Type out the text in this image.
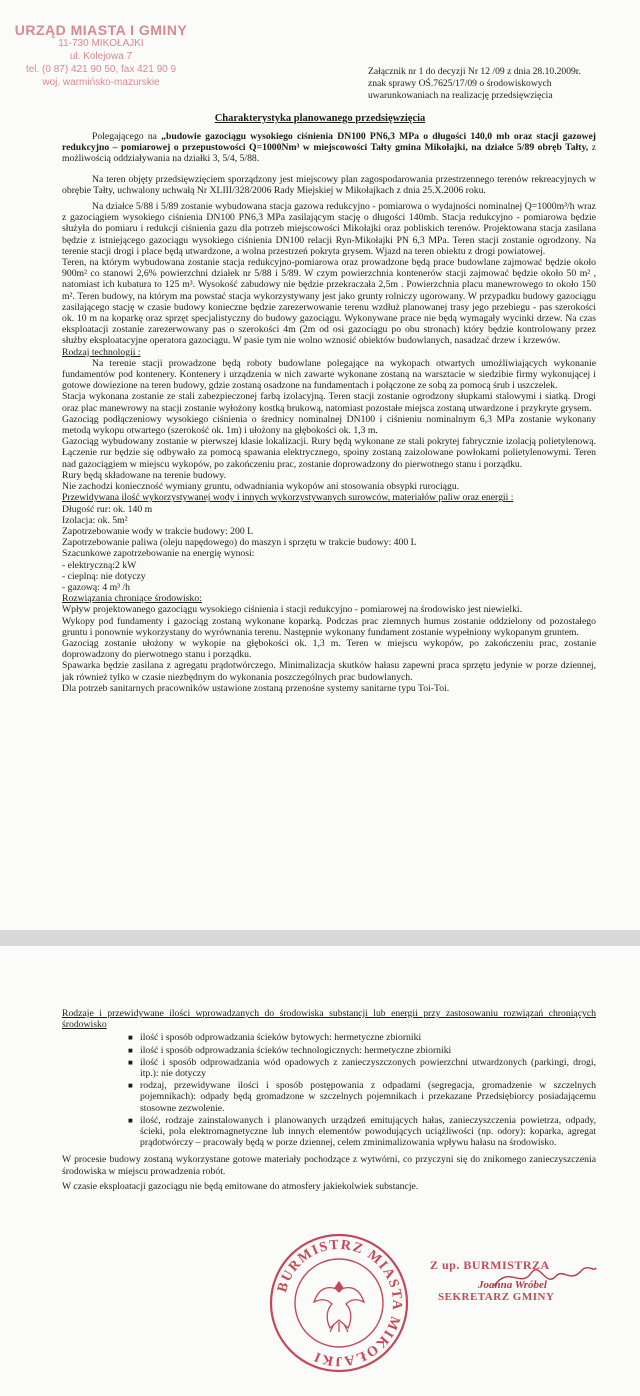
URZĄD MIASTA I GMINY
11-730 MIKOŁAJKI
ul. Kolejowa 7
tel. (0 87) 421 90 50, fax 421 90 9
woj. warmińsko-mazurskie
Załącznik nr 1 do decyzji Nr 12 /09 z dnia 28.10.2009r.
znak sprawy OŚ.7625/17/09 o środowiskowych
uwarunkowaniach na realizację przedsięwzięcia
Charakterystyka planowanego przedsięwzięcia

Polegającego na „budowie gazociągu wysokiego ciśnienia DN100 PN6,3 MPa o długości 140,0 mb oraz stacji gazowej redukcyjno – pomiarowej o przepustowości Q=1000Nm³ w miejscowości Tałty gmina Mikołajki, na działce 5/89 obręb Tałty, z możliwością oddziaływania na działki 3, 5/4, 5/88.

Na teren objęty przedsięwzięciem sporządzony jest miejscowy plan zagospodarowania przestrzennego terenów rekreacyjnych w obrębie Tałty, uchwalony uchwałą Nr XLIII/328/2006 Rady Miejskiej w Mikołajkach z dnia 25.X.2006 roku.

Na działce 5/88 i 5/89 zostanie wybudowana stacja gazowa redukcyjno - pomiarowa o wydajności nominalnej Q=1000m³/h wraz z gazociągiem wysokiego ciśnienia DN100 PN6,3 MPa zasilającym stację o długości 140mb. Stacja redukcyjno - pomiarowa będzie służyła do pomiaru i redukcji ciśnienia gazu dla potrzeb miejscowości Mikołajki oraz pobliskich terenów. Projektowana stacja zasilana będzie z istniejącego gazociągu wysokiego ciśnienia DN100 relacji Ryn-Mikołajki PN 6,3 MPa. Teren stacji zostanie ogrodzony. Na terenie stacji drogi i place będą utwardzone, a wolna przestrzeń pokryta grysem. Wjazd na teren obiektu z drogi powiatowej.

Teren, na którym wybudowana zostanie stacja redukcyjno-pomiarowa oraz prowadzone będą prace budowlane zajmować będzie około 900m² co stanowi 2,6% powierzchni działek nr 5/88 i 5/89. W czym powierzchnia kontenerów stacji zajmować będzie około 50 m² , natomiast ich kubatura to 125 m³. Wysokość zabudowy nie będzie przekraczała 2,5m . Powierzchnia placu manewrowego to około 150 m². Teren budowy, na którym ma powstać stacja wykorzystywany jest jako grunty rolniczy ugorowany. W przypadku budowy gazociągu zasilającego stację w czasie budowy konieczne będzie zarezerwowanie terenu wzdłuż planowanej trasy jego przebiegu - pas szerokości ok. 10 m na koparkę oraz sprzęt specjalistyczny do budowy gazociągu. Wykonywane prace nie będą wymagały wycinki drzew. Na czas eksploatacji zostanie zarezerwowany pas o szerokości 4m (2m od osi gazociągu po obu stronach) który będzie kontrolowany przez służby eksploatacyjne operatora gazociągu. W pasie tym nie wolno wznosić obiektów budowlanych, nasadzać drzew i krzewów.

Rodzaj technologii :

Na terenie stacji prowadzone będą roboty budowlane polegające na wykopach otwartych umożliwiających wykonanie fundamentów pod kontenery. Kontenery i urządzenia w nich zawarte wykonane zostaną na warsztacie w siedzibie firmy wykonującej i gotowe dowiezione na teren budowy, gdzie zostaną osadzone na fundamentach i połączone ze sobą za pomocą śrub i uszczelek.

Stacja wykonana zostanie ze stali zabezpieczonej farbą izolacyjną. Teren stacji zostanie ogrodzony słupkami stalowymi i siatką. Drogi oraz plac manewrowy na stacji zostanie wyłożony kostką brukową, natomiast pozostałe miejsca zostaną utwardzone i przykryte grysem.

Gazociąg podłączeniowy wysokiego ciśnienia o średnicy nominalnej DN100 i ciśnieniu nominalnym 6,3 MPa zostanie wykonany metodą wykopu otwartego (szerokość ok. 1m) i ułożony na głębokości ok. 1,3 m.

Gazociąg wybudowany zostanie w pierwszej klasie lokalizacji. Rury będą wykonane ze stali pokrytej fabrycznie izolacją polietylenową. Łączenie rur będzie się odbywało za pomocą spawania elektrycznego, spoiny zostaną zaizolowane powłokami polietylenowymi. Teren nad gazociągiem w miejscu wykopów, po zakończeniu prac, zostanie doprowadzony do pierwotnego stanu i porządku.

Rury będą składowane na terenie budowy.

Nie zachodzi konieczność wymiany gruntu, odwadniania wykopów ani stosowania obsypki rurociągu.

Przewidywana ilość wykorzystywanej wody i innych wykorzystywanych surowców, materiałów paliw oraz energii :

Długość rur: ok. 140 m

Izolacja: ok. 5m²

Zapotrzebowanie wody w trakcie budowy: 200 L

Zapotrzebowanie paliwa (oleju napędowego) do maszyn i sprzętu w trakcie budowy: 400 L

Szacunkowe zapotrzebowanie na energię wynosi:

- elektryczną:2 kW

- cieplną: nie dotyczy

- gazową: 4 m³ /h

Rozwiązania chroniące środowisko:

Wpływ projektowanego gazociągu wysokiego ciśnienia i stacji redukcyjno - pomiarowej na środowisko jest niewielki.

Wykopy pod fundamenty i gazociąg zostaną wykonane koparką. Podczas prac ziemnych humus zostanie oddzielony od pozostałego gruntu i ponownie wykorzystany do wyrównania terenu. Następnie wykonany fundament zostanie wypełniony wykopanym gruntem.

Gazociąg zostanie ułożony w wykopie na głębokości ok. 1,3 m. Teren w miejscu wykopów, po zakończeniu prac, zostanie doprowadzony do pierwotnego stanu i porządku.

Spawarka będzie zasilana z agregatu prądotwórczego. Minimalizacja skutków hałasu zapewni praca sprzętu jedynie w porze dziennej, jak również tylko w czasie niezbędnym do wykonania poszczególnych prac budowlanych.

Dla potrzeb sanitarnych pracowników ustawione zostaną przenośne systemy sanitarne typu Toi-Toi.

Rodzaje i przewidywane ilości wprowadzanych do środowiska substancji lub energii przy zastosowaniu rozwiązań chroniących środowisko

■ ilość i sposób odprowadzania ścieków bytowych: hermetyczne zbiorniki
■ ilość i sposób odprowadzania ścieków technologicznych: hermetyczne zbiorniki
■ ilość i sposób odprowadzania wód opadowych z zanieczyszczonych powierzchni utwardzonych (parkingi, drogi, itp.): nie dotyczy
■ rodzaj, przewidywane ilości i sposób postępowania z odpadami (segregacja, gromadzenie w szczelnych pojemnikach): odpady będą gromadzone w szczelnych pojemnikach i przekazane Przedsiębiorcy posiadającemu stosowne zezwolenie.
■ ilość, rodzaje zainstalowanych i planowanych urządzeń emitujących hałas, zanieczyszczenia powietrza, odpady, ścieki, pola elektromagnetyczne lub innych elementów powodujących uciążliwości (np. odory): koparka, agregat prądotwórczy – pracowały będą w porze dziennej, celem zminimalizowania wpływu hałasu na środowisko.

W procesie budowy zostaną wykorzystane gotowe materiały pochodzące z wytwórni, co przyczyni się do znikomego zanieczyszczenia środowiska w miejscu prowadzenia robót.

W czasie eksploatacji gazociągu nie będą emitowane do atmosfery jakiekolwiek substancje.

BURMISTRZ MIASTA MIKOŁAJKI
Z up. BURMISTRZA
Joanna Wróbel
SEKRETARZ GMINY
